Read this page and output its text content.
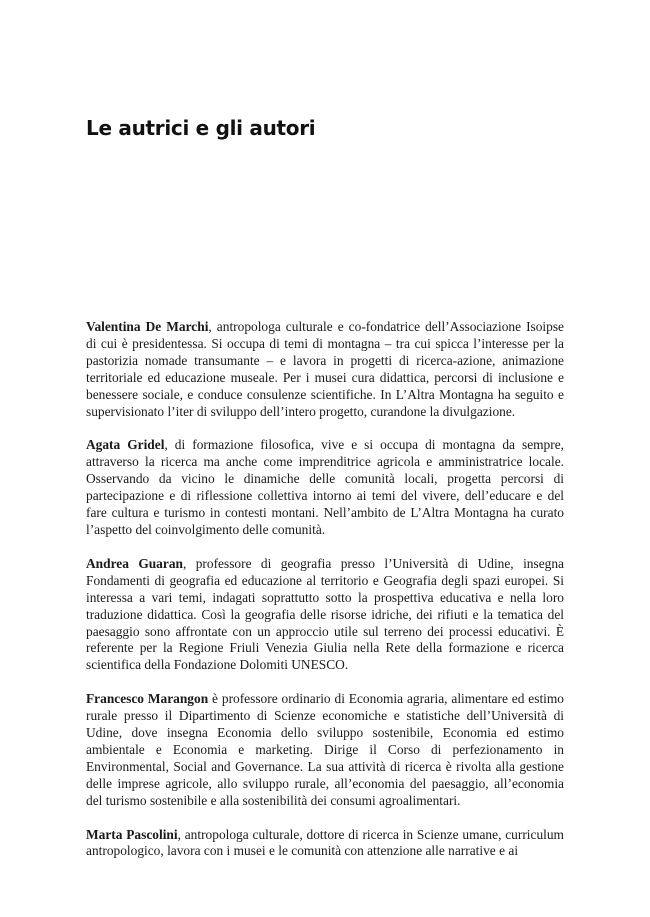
Le autrici e gli autori

Valentina De Marchi, antropologa culturale e co-fondatrice dell’Associazione Isoipse di cui è presidentessa. Si occupa di temi di montagna – tra cui spicca l’interesse per la pastorizia nomade transumante – e lavora in progetti di ricerca-azione, animazione territoriale ed educazione museale. Per i musei cura didattica, percorsi di inclusione e benessere sociale, e conduce consulenze scientifiche. In L’Altra Montagna ha seguito e supervisionato l’iter di sviluppo dell’intero progetto, curandone la divulgazione.

Agata Gridel, di formazione filosofica, vive e si occupa di montagna da sempre, attraverso la ricerca ma anche come imprenditrice agricola e amministratrice locale. Osservando da vicino le dinamiche delle comunità locali, progetta percorsi di partecipazione e di riflessione collettiva intorno ai temi del vivere, dell’educare e del fare cultura e turismo in contesti montani. Nell’ambito de L’Altra Montagna ha curato l’aspetto del coinvolgimento delle comunità.

Andrea Guaran, professore di geografia presso l’Università di Udine, insegna Fondamenti di geografia ed educazione al territorio e Geografia degli spazi europei. Si interessa a vari temi, indagati soprattutto sotto la prospettiva educativa e nella loro traduzione didattica. Così la geografia delle risorse idriche, dei rifiuti e la tematica del paesaggio sono affrontate con un approccio utile sul terreno dei processi educativi. È referente per la Regione Friuli Venezia Giulia nella Rete della formazione e ricerca scientifica della Fondazione Dolomiti UNESCO.

Francesco Marangon è professore ordinario di Economia agraria, alimentare ed estimo rurale presso il Dipartimento di Scienze economiche e statistiche dell’Università di Udine, dove insegna Economia dello sviluppo sostenibile, Economia ed estimo ambientale e Economia e marketing. Dirige il Corso di perfezionamento in Environmental, Social and Governance. La sua attività di ricerca è rivolta alla gestione delle imprese agricole, allo sviluppo rurale, all’economia del paesaggio, all’economia del turismo sostenibile e alla sostenibilità dei consumi agroalimentari.

Marta Pascolini, antropologa culturale, dottore di ricerca in Scienze umane, curriculum antropologico, lavora con i musei e le comunità con attenzione alle narrative e ai
